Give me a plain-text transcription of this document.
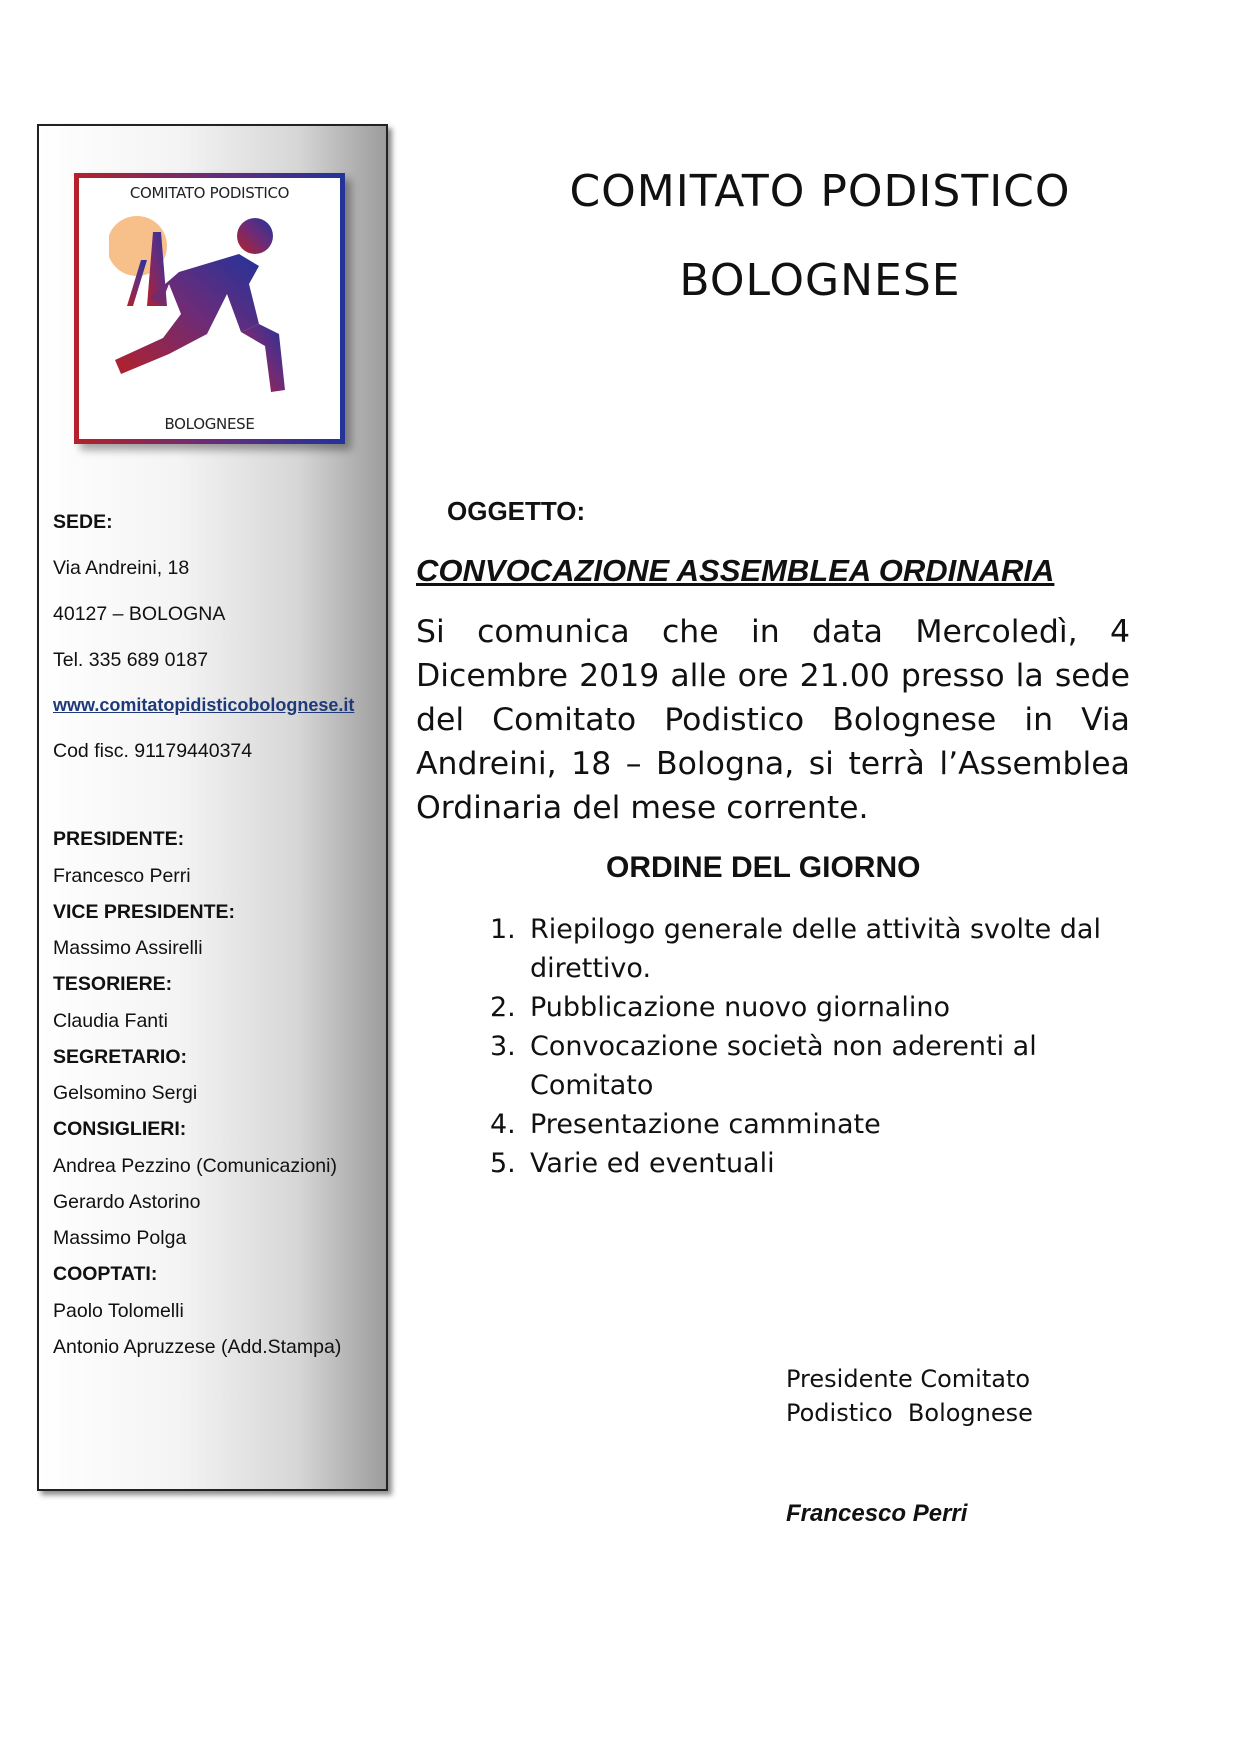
COMITATO PODISTICO
BOLOGNESE
SEDE:
Via Andreini, 18
40127 – BOLOGNA
Tel. 335 689 0187
www.comitatopidisticobolognese.it
Cod fisc. 91179440374
PRESIDENTE:
Francesco Perri
VICE PRESIDENTE:
Massimo Assirelli
TESORIERE:
Claudia Fanti
SEGRETARIO:
Gelsomino Sergi
CONSIGLIERI:
Andrea Pezzino (Comunicazioni)
Gerardo Astorino
Massimo Polga
COOPTATI:
Paolo Tolomelli
Antonio Apruzzese (Add.Stampa)
COMITATO PODISTICO
BOLOGNESE
OGGETTO:
CONVOCAZIONE ASSEMBLEA ORDINARIA
Si comunica che in data Mercoledì, 4 Dicembre 2019 alle ore 21.00 presso la sede del Comitato Podistico Bolognese in Via Andreini, 18 – Bologna, si terrà l’Assemblea Ordinaria del mese corrente.
ORDINE DEL GIORNO
1. Riepilogo generale delle attività svolte dal direttivo.
2. Pubblicazione nuovo giornalino
3. Convocazione società non aderenti al Comitato
4. Presentazione camminate
5. Varie ed eventuali
Presidente Comitato
Podistico  Bolognese
Francesco Perri
